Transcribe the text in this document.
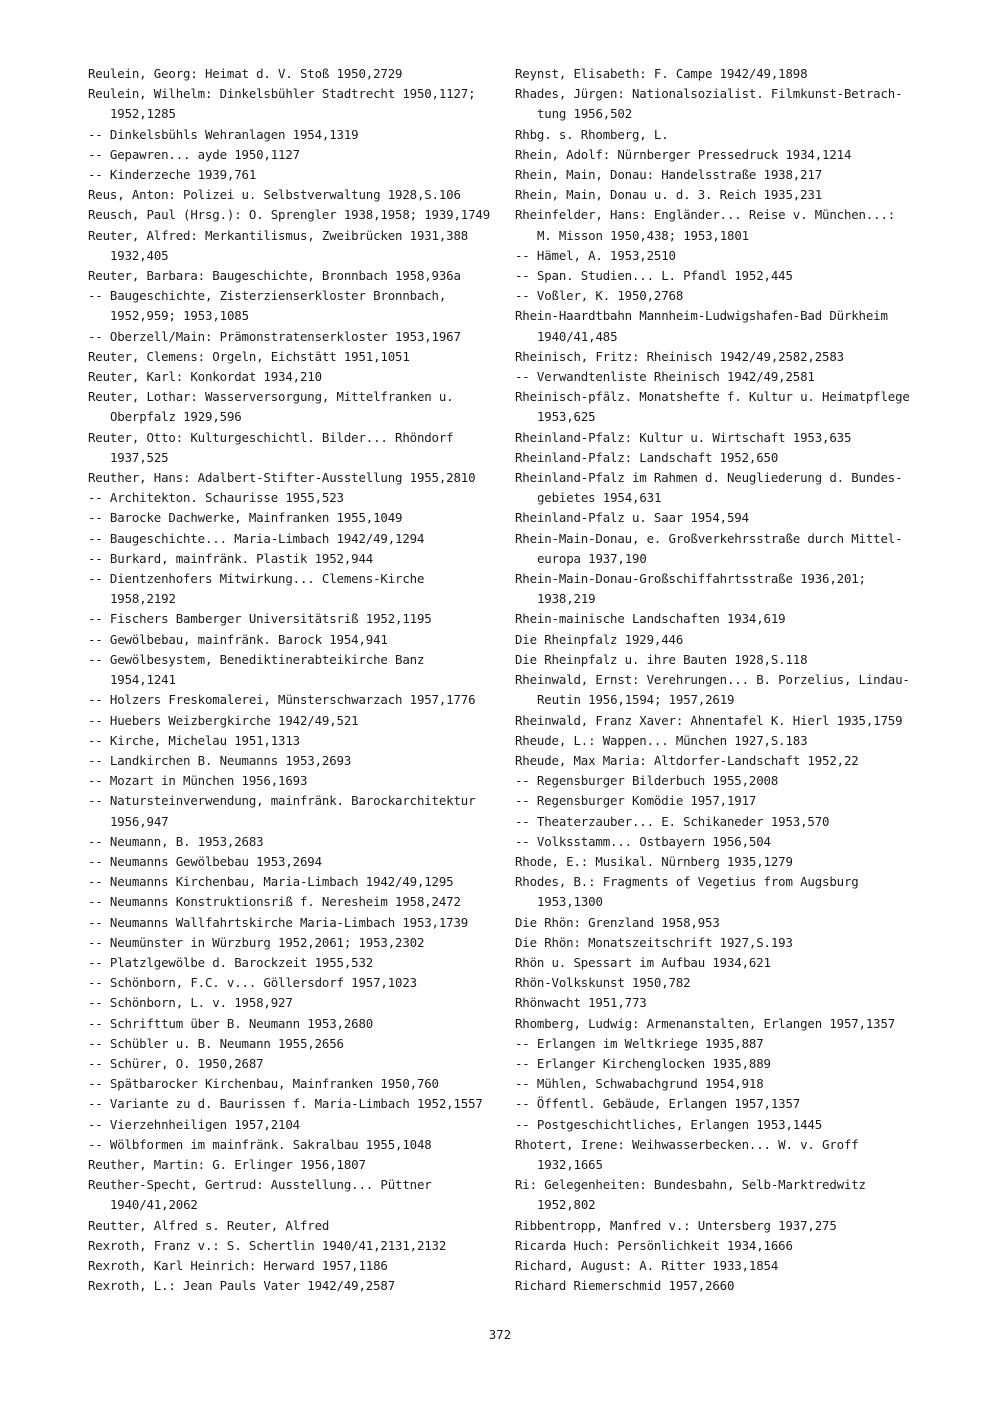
Reulein, Georg: Heimat d. V. Stoß 1950,2729
Reulein, Wilhelm: Dinkelsbühler Stadtrecht 1950,1127;
1952,1285
-- Dinkelsbühls Wehranlagen 1954,1319
-- Gepawren... ayde 1950,1127
-- Kinderzeche 1939,761
Reus, Anton: Polizei u. Selbstverwaltung 1928,S.106
Reusch, Paul (Hrsg.): O. Sprengler 1938,1958; 1939,1749
Reuter, Alfred: Merkantilismus, Zweibrücken 1931,388
1932,405
Reuter, Barbara: Baugeschichte, Bronnbach 1958,936a
-- Baugeschichte, Zisterzienserkloster Bronnbach,
1952,959; 1953,1085
-- Oberzell/Main: Prämonstratenserkloster 1953,1967
Reuter, Clemens: Orgeln, Eichstätt 1951,1051
Reuter, Karl: Konkordat 1934,210
Reuter, Lothar: Wasserversorgung, Mittelfranken u.
Oberpfalz 1929,596
Reuter, Otto: Kulturgeschichtl. Bilder... Rhöndorf
1937,525
Reuther, Hans: Adalbert-Stifter-Ausstellung 1955,2810
-- Architekton. Schaurisse 1955,523
-- Barocke Dachwerke, Mainfranken 1955,1049
-- Baugeschichte... Maria-Limbach 1942/49,1294
-- Burkard, mainfränk. Plastik 1952,944
-- Dientzenhofers Mitwirkung... Clemens-Kirche
1958,2192
-- Fischers Bamberger Universitätsriß 1952,1195
-- Gewölbebau, mainfränk. Barock 1954,941
-- Gewölbesystem, Benediktinerabteikirche Banz
1954,1241
-- Holzers Freskomalerei, Münsterschwarzach 1957,1776
-- Huebers Weizbergkirche 1942/49,521
-- Kirche, Michelau 1951,1313
-- Landkirchen B. Neumanns 1953,2693
-- Mozart in München 1956,1693
-- Natursteinverwendung, mainfränk. Barockarchitektur
1956,947
-- Neumann, B. 1953,2683
-- Neumanns Gewölbebau 1953,2694
-- Neumanns Kirchenbau, Maria-Limbach 1942/49,1295
-- Neumanns Konstruktionsriß f. Neresheim 1958,2472
-- Neumanns Wallfahrtskirche Maria-Limbach 1953,1739
-- Neumünster in Würzburg 1952,2061; 1953,2302
-- Platzlgewölbe d. Barockzeit 1955,532
-- Schönborn, F.C. v... Göllersdorf 1957,1023
-- Schönborn, L. v. 1958,927
-- Schrifttum über B. Neumann 1953,2680
-- Schübler u. B. Neumann 1955,2656
-- Schürer, O. 1950,2687
-- Spätbarocker Kirchenbau, Mainfranken 1950,760
-- Variante zu d. Baurissen f. Maria-Limbach 1952,1557
-- Vierzehnheiligen 1957,2104
-- Wölbformen im mainfränk. Sakralbau 1955,1048
Reuther, Martin: G. Erlinger 1956,1807
Reuther-Specht, Gertrud: Ausstellung... Püttner
1940/41,2062
Reutter, Alfred s. Reuter, Alfred
Rexroth, Franz v.: S. Schertlin 1940/41,2131,2132
Rexroth, Karl Heinrich: Herward 1957,1186
Rexroth, L.: Jean Pauls Vater 1942/49,2587
Reynst, Elisabeth: F. Campe 1942/49,1898
Rhades, Jürgen: Nationalsozialist. Filmkunst-Betrach-
tung 1956,502
Rhbg. s. Rhomberg, L.
Rhein, Adolf: Nürnberger Pressedruck 1934,1214
Rhein, Main, Donau: Handelsstraße 1938,217
Rhein, Main, Donau u. d. 3. Reich 1935,231
Rheinfelder, Hans: Engländer... Reise v. München...:
M. Misson 1950,438; 1953,1801
-- Hämel, A. 1953,2510
-- Span. Studien... L. Pfandl 1952,445
-- Voßler, K. 1950,2768
Rhein-Haardtbahn Mannheim-Ludwigshafen-Bad Dürkheim
1940/41,485
Rheinisch, Fritz: Rheinisch 1942/49,2582,2583
-- Verwandtenliste Rheinisch 1942/49,2581
Rheinisch-pfälz. Monatshefte f. Kultur u. Heimatpflege
1953,625
Rheinland-Pfalz: Kultur u. Wirtschaft 1953,635
Rheinland-Pfalz: Landschaft 1952,650
Rheinland-Pfalz im Rahmen d. Neugliederung d. Bundes-
gebietes 1954,631
Rheinland-Pfalz u. Saar 1954,594
Rhein-Main-Donau, e. Großverkehrsstraße durch Mittel-
europa 1937,190
Rhein-Main-Donau-Großschiffahrtsstraße 1936,201;
1938,219
Rhein-mainische Landschaften 1934,619
Die Rheinpfalz 1929,446
Die Rheinpfalz u. ihre Bauten 1928,S.118
Rheinwald, Ernst: Verehrungen... B. Porzelius, Lindau-
Reutin 1956,1594; 1957,2619
Rheinwald, Franz Xaver: Ahnentafel K. Hierl 1935,1759
Rheude, L.: Wappen... München 1927,S.183
Rheude, Max Maria: Altdorfer-Landschaft 1952,22
-- Regensburger Bilderbuch 1955,2008
-- Regensburger Komödie 1957,1917
-- Theaterzauber... E. Schikaneder 1953,570
-- Volksstamm... Ostbayern 1956,504
Rhode, E.: Musikal. Nürnberg 1935,1279
Rhodes, B.: Fragments of Vegetius from Augsburg
1953,1300
Die Rhön: Grenzland 1958,953
Die Rhön: Monatszeitschrift 1927,S.193
Rhön u. Spessart im Aufbau 1934,621
Rhön-Volkskunst 1950,782
Rhönwacht 1951,773
Rhomberg, Ludwig: Armenanstalten, Erlangen 1957,1357
-- Erlangen im Weltkriege 1935,887
-- Erlanger Kirchenglocken 1935,889
-- Mühlen, Schwabachgrund 1954,918
-- Öffentl. Gebäude, Erlangen 1957,1357
-- Postgeschichtliches, Erlangen 1953,1445
Rhotert, Irene: Weihwasserbecken... W. v. Groff
1932,1665
Ri: Gelegenheiten: Bundesbahn, Selb-Marktredwitz
1952,802
Ribbentropp, Manfred v.: Untersberg 1937,275
Ricarda Huch: Persönlichkeit 1934,1666
Richard, August: A. Ritter 1933,1854
Richard Riemerschmid 1957,2660
372
